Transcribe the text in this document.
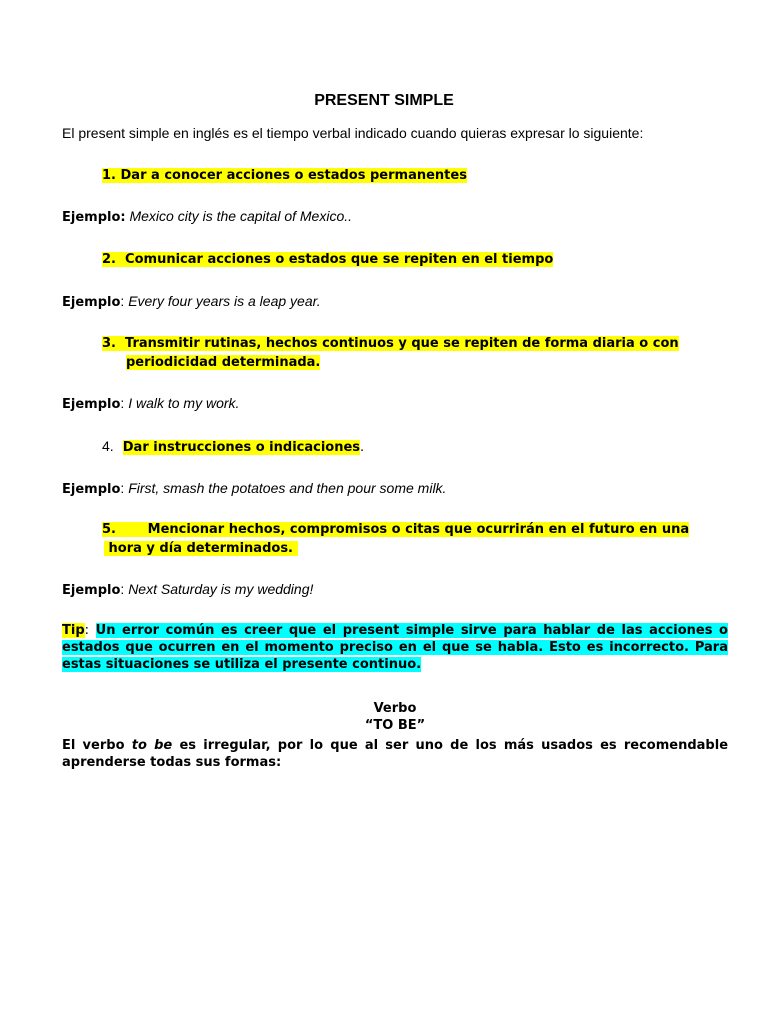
PRESENT SIMPLE
El present simple en inglés es el tiempo verbal indicado cuando quieras expresar lo siguiente:
1. Dar a conocer acciones o estados permanentes
Ejemplo: Mexico city is the capital of Mexico..
2. Comunicar acciones o estados que se repiten en el tiempo
Ejemplo: Every four years is a leap year.
3. Transmitir rutinas, hechos continuos y que se repiten de forma diaria o con
periodicidad determinada.
Ejemplo: I walk to my work.
4. Dar instrucciones o indicaciones.
Ejemplo: First, smash the potatoes and then pour some milk.
5. Mencionar hechos, compromisos o citas que ocurrirán en el futuro en una
hora y día determinados.
Ejemplo: Next Saturday is my wedding!
Tip: Un error común es creer que el present simple sirve para hablar de las acciones o estados que ocurren en el momento preciso en el que se habla. Esto es incorrecto. Para estas situaciones se utiliza el presente continuo.
Verbo
“TO BE”
El verbo to be es irregular, por lo que al ser uno de los más usados es recomendable aprenderse todas sus formas:
